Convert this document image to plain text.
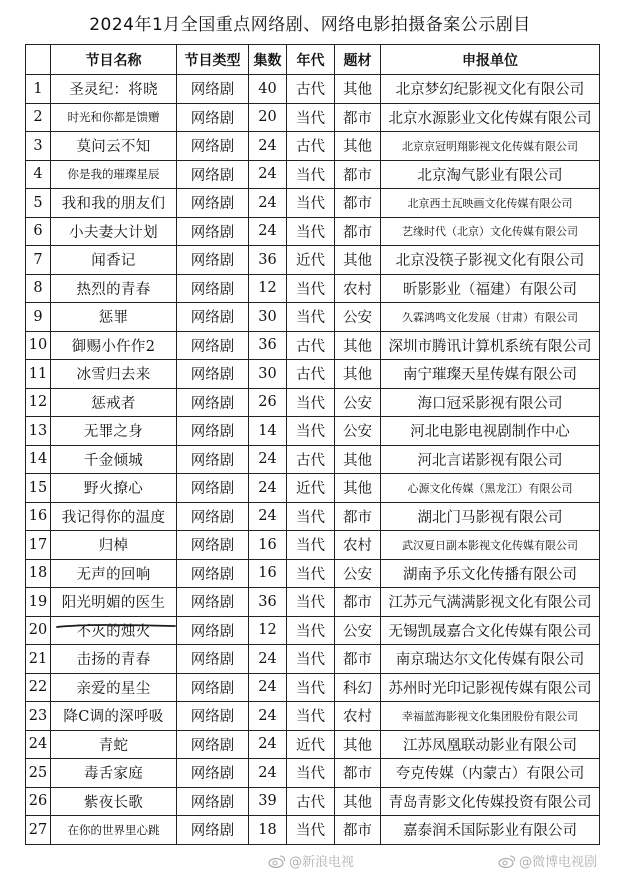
2024年1月全国重点网络剧、网络电影拍摄备案公示剧目
	节目名称	节目类型	集数	年代	题材	申报单位
1	圣灵纪：将晓	网络剧	40	古代	其他	北京梦幻纪影视文化有限公司
2	时光和你都是馈赠	网络剧	20	当代	都市	北京水源影业文化传媒有限公司
3	莫问云不知	网络剧	24	古代	其他	北京京冠明翔影视文化传媒有限公司
4	你是我的璀璨星辰	网络剧	24	当代	都市	北京淘气影业有限公司
5	我和我的朋友们	网络剧	24	当代	都市	北京西土瓦映画文化传媒有限公司
6	小夫妻大计划	网络剧	24	当代	都市	艺缘时代（北京）文化传媒有限公司
7	闻香记	网络剧	36	近代	其他	北京没筷子影视文化有限公司
8	热烈的青春	网络剧	12	当代	农村	昕影影业（福建）有限公司
9	惩罪	网络剧	30	当代	公安	久霖鸿鸣文化发展（甘肃）有限公司
10	御赐小仵作2	网络剧	36	古代	其他	深圳市腾讯计算机系统有限公司
11	冰雪归去来	网络剧	30	古代	其他	南宁璀璨天星传媒有限公司
12	惩戒者	网络剧	26	当代	公安	海口冠采影视有限公司
13	无罪之身	网络剧	14	当代	公安	河北电影电视剧制作中心
14	千金倾城	网络剧	24	古代	其他	河北言诺影视有限公司
15	野火撩心	网络剧	24	近代	其他	心源文化传媒（黑龙江）有限公司
16	我记得你的温度	网络剧	24	当代	都市	湖北门马影视有限公司
17	归棹	网络剧	16	当代	农村	武汉夏日副本影视文化传媒有限公司
18	无声的回响	网络剧	16	当代	公安	湖南予乐文化传播有限公司
19	阳光明媚的医生	网络剧	36	当代	都市	江苏元气满满影视文化有限公司
20	不灭的烛火	网络剧	12	当代	公安	无锡凯晟嘉合文化传媒有限公司
21	击扬的青春	网络剧	24	当代	都市	南京瑞达尔文化传媒有限公司
22	亲爱的星尘	网络剧	24	当代	科幻	苏州时光印记影视传媒有限公司
23	降C调的深呼吸	网络剧	24	当代	农村	幸福蓝海影视文化集团股份有限公司
24	青蛇	网络剧	24	近代	其他	江苏凤凰联动影业有限公司
25	毒舌家庭	网络剧	24	当代	都市	夸克传媒（内蒙古）有限公司
26	紫夜长歌	网络剧	39	古代	其他	青岛青影文化传媒投资有限公司
27	在你的世界里心跳	网络剧	18	当代	都市	嘉泰润禾国际影业有限公司
@新浪电视	@微博电视剧
